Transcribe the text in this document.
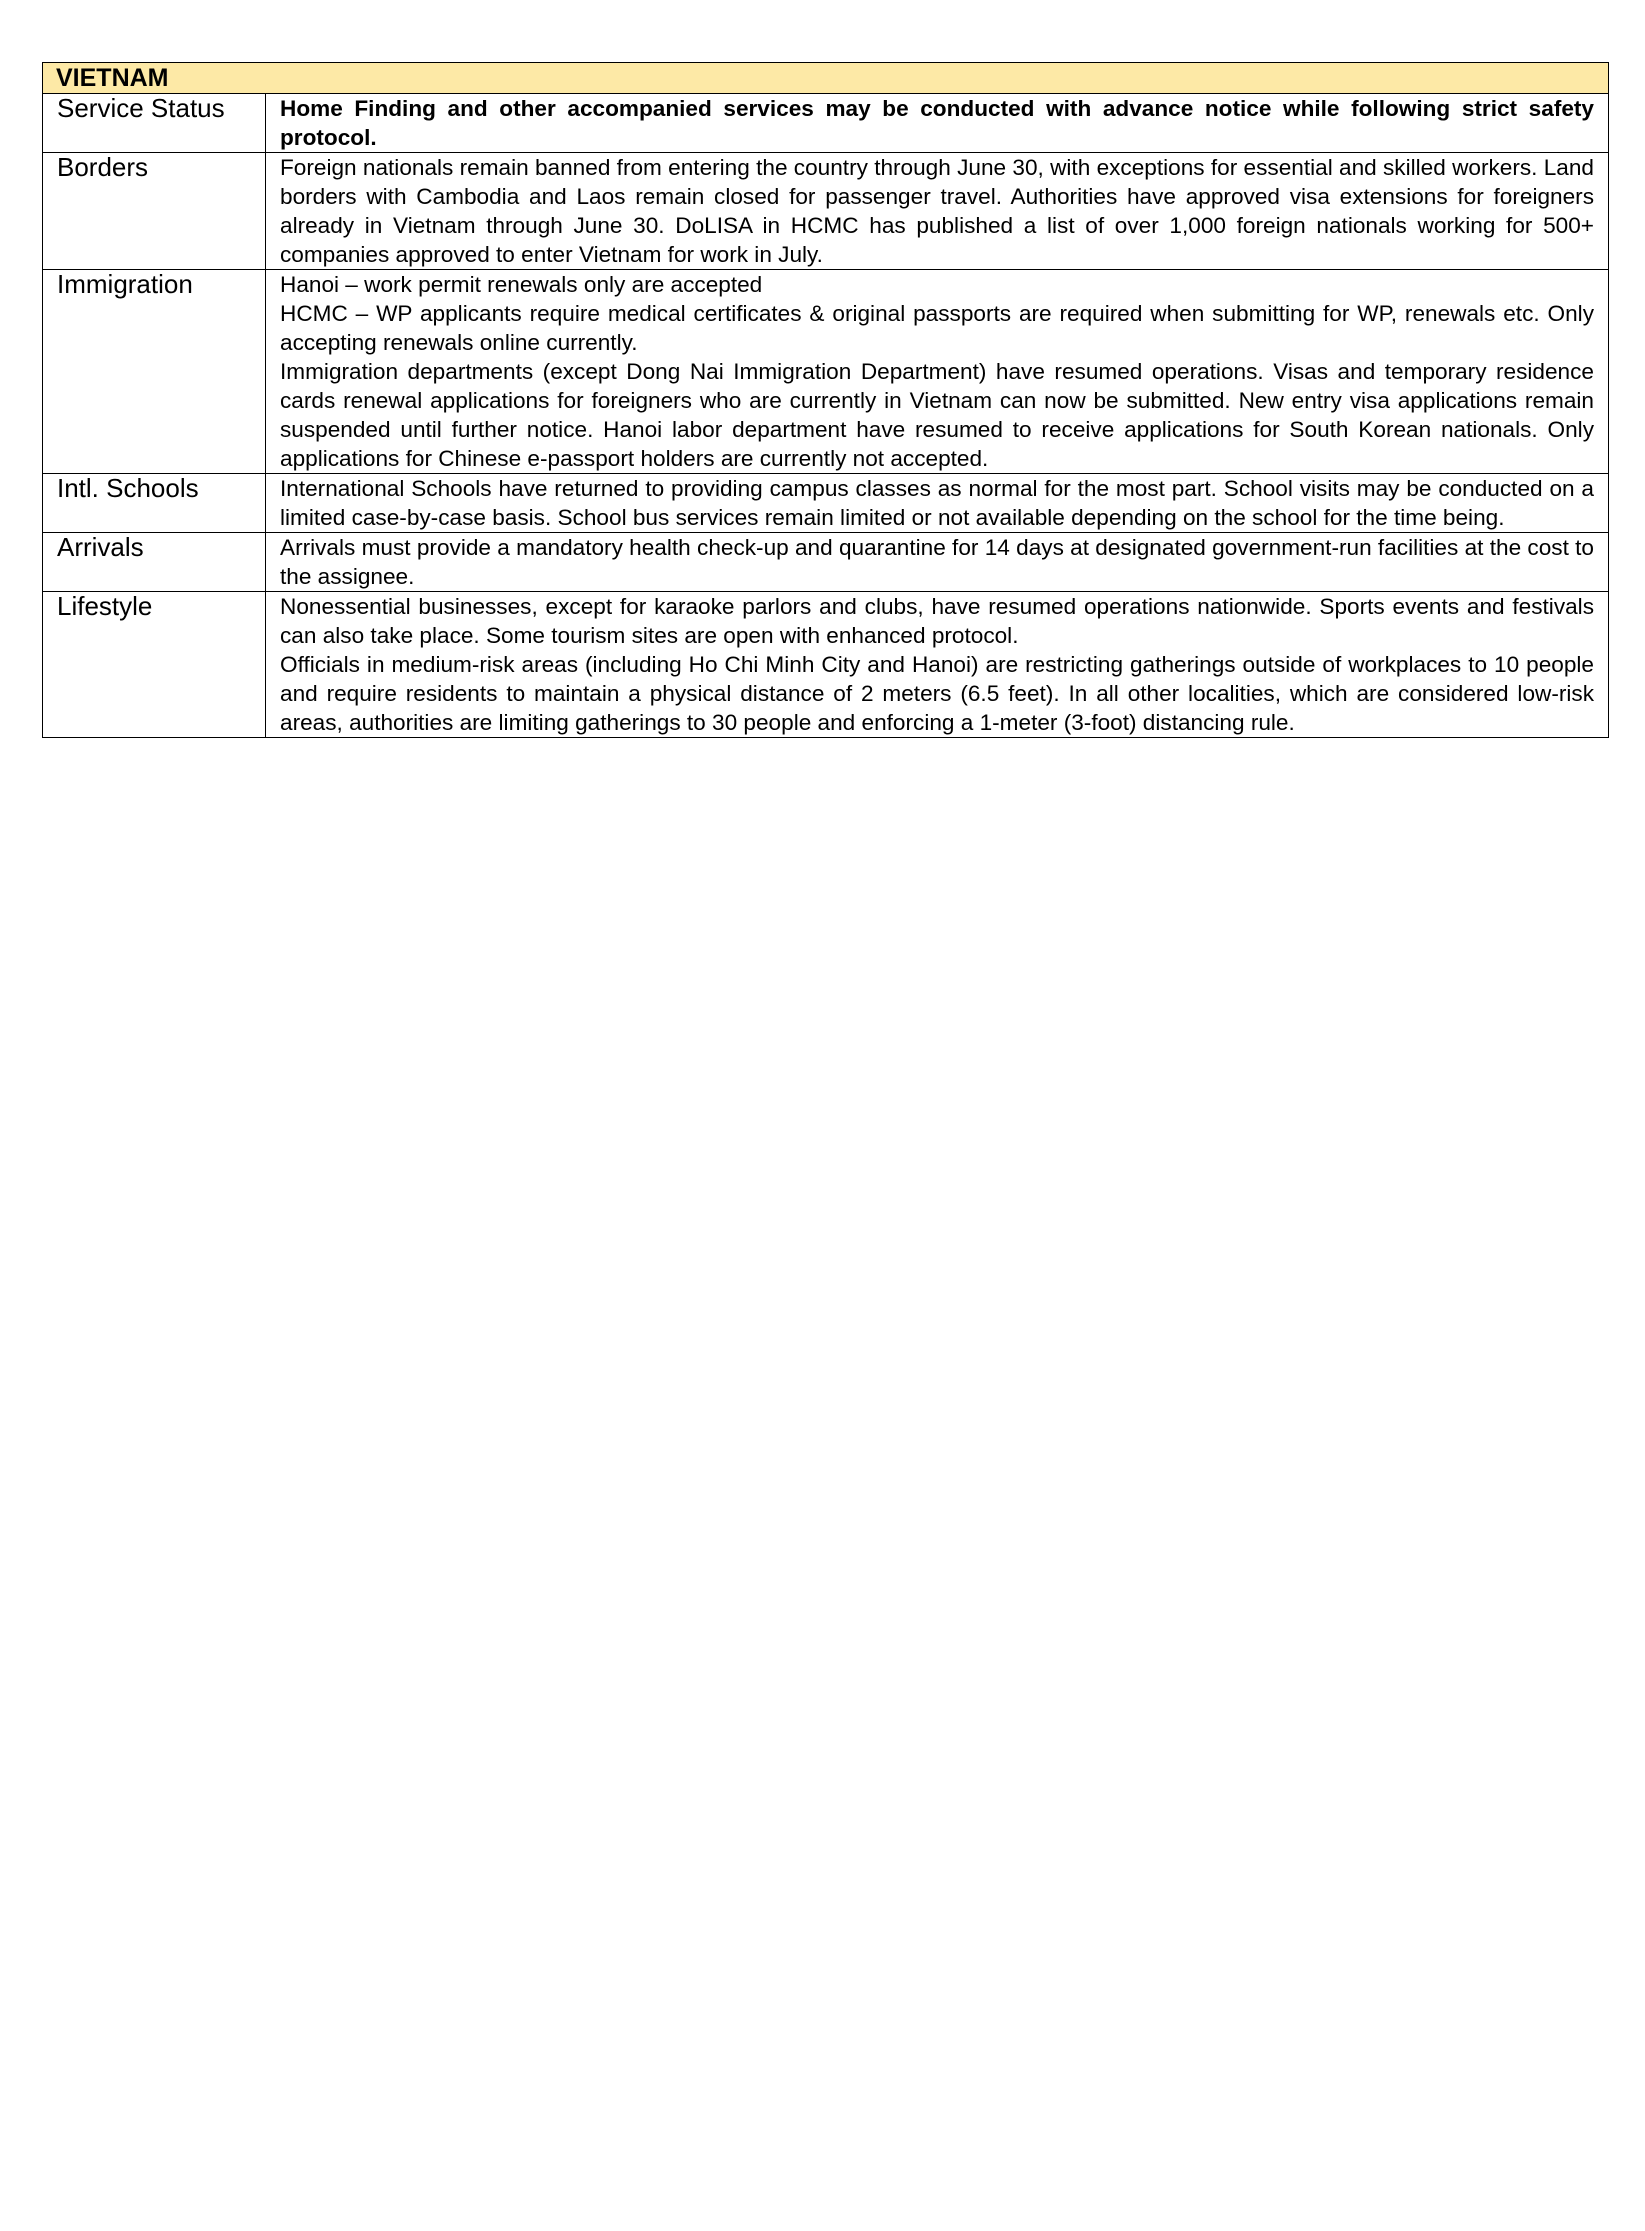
VIETNAM	
Service Status	Home Finding and other accompanied services may be conducted with advance notice while following strict safety protocol.

Borders	Foreign nationals remain banned from entering the country through June 30, with exceptions for essential and skilled workers. Land borders with Cambodia and Laos remain closed for passenger travel. Authorities have approved visa extensions for foreigners already in Vietnam through June 30. DoLISA in HCMC has published a list of over 1,000 foreign nationals working for 500+ companies approved to enter Vietnam for work in July.

Immigration	Hanoi – work permit renewals only are accepted
HCMC – WP applicants require medical certificates & original passports are required when submitting for WP, renewals etc. Only accepting renewals online currently.
Immigration departments (except Dong Nai Immigration Department) have resumed operations. Visas and temporary residence cards renewal applications for foreigners who are currently in Vietnam can now be submitted. New entry visa applications remain suspended until further notice. Hanoi labor department have resumed to receive applications for South Korean nationals. Only applications for Chinese e-passport holders are currently not accepted.

Intl. Schools	International Schools have returned to providing campus classes as normal for the most part. School visits may be conducted on a limited case-by-case basis. School bus services remain limited or not available depending on the school for the time being.

Arrivals	Arrivals must provide a mandatory health check-up and quarantine for 14 days at designated government-run facilities at the cost to the assignee.

Lifestyle	Nonessential businesses, except for karaoke parlors and clubs, have resumed operations nationwide. Sports events and festivals can also take place. Some tourism sites are open with enhanced protocol.
Officials in medium-risk areas (including Ho Chi Minh City and Hanoi) are restricting gatherings outside of workplaces to 10 people and require residents to maintain a physical distance of 2 meters (6.5 feet). In all other localities, which are considered low-risk areas, authorities are limiting gatherings to 30 people and enforcing a 1-meter (3-foot) distancing rule.
